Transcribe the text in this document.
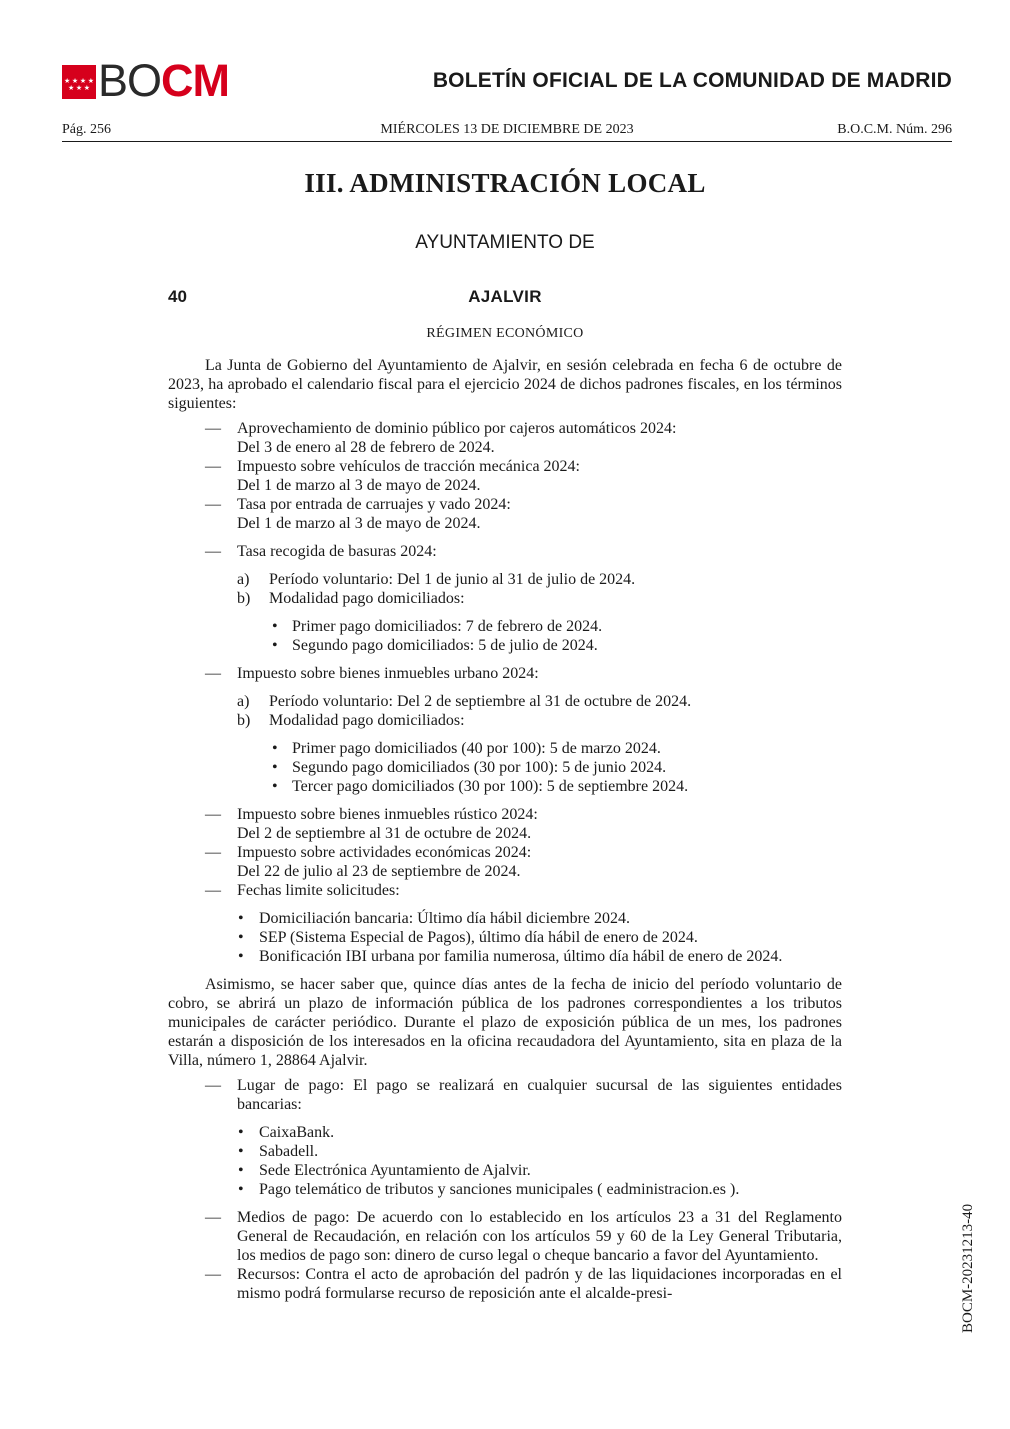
★ ★ ★ ★
★ ★ ★ BOCM	BOLETÍN OFICIAL DE LA COMUNIDAD DE MADRID
Pág. 256	MIÉRCOLES 13 DE DICIEMBRE DE 2023	B.O.C.M. Núm. 296
III. ADMINISTRACIÓN LOCAL
AYUNTAMIENTO DE
40	AJALVIR
RÉGIMEN ECONÓMICO

La Junta de Gobierno del Ayuntamiento de Ajalvir, en sesión celebrada en fecha 6 de octubre de 2023, ha aprobado el calendario fiscal para el ejercicio 2024 de dichos padrones fiscales, en los términos siguientes:

—	Aprovechamiento de dominio público por cajeros automáticos 2024:
Del 3 de enero al 28 de febrero de 2024.
—	Impuesto sobre vehículos de tracción mecánica 2024:
Del 1 de marzo al 3 de mayo de 2024.
—	Tasa por entrada de carruajes y vado 2024:
Del 1 de marzo al 3 de mayo de 2024.
—	Tasa recogida de basuras 2024:
a)	Período voluntario: Del 1 de junio al 31 de julio de 2024.
b)	Modalidad pago domiciliados:
• Primer pago domiciliados: 7 de febrero de 2024.
• Segundo pago domiciliados: 5 de julio de 2024.
—	Impuesto sobre bienes inmuebles urbano 2024:
a)	Período voluntario: Del 2 de septiembre al 31 de octubre de 2024.
b)	Modalidad pago domiciliados:
• Primer pago domiciliados (40 por 100): 5 de marzo 2024.
• Segundo pago domiciliados (30 por 100): 5 de junio 2024.
• Tercer pago domiciliados (30 por 100): 5 de septiembre 2024.
—	Impuesto sobre bienes inmuebles rústico 2024:
Del 2 de septiembre al 31 de octubre de 2024.
—	Impuesto sobre actividades económicas 2024:
Del 22 de julio al 23 de septiembre de 2024.
—	Fechas limite solicitudes:
• Domiciliación bancaria: Último día hábil diciembre 2024.
• SEP (Sistema Especial de Pagos), último día hábil de enero de 2024.
• Bonificación IBI urbana por familia numerosa, último día hábil de enero de 2024.

Asimismo, se hacer saber que, quince días antes de la fecha de inicio del período voluntario de cobro, se abrirá un plazo de información pública de los padrones correspondientes a los tributos municipales de carácter periódico. Durante el plazo de exposición pública de un mes, los padrones estarán a disposición de los interesados en la oficina recaudadora del Ayuntamiento, sita en plaza de la Villa, número 1, 28864 Ajalvir.

—	Lugar de pago: El pago se realizará en cualquier sucursal de las siguientes entidades bancarias:
• CaixaBank.
• Sabadell.
• Sede Electrónica Ayuntamiento de Ajalvir.
• Pago telemático de tributos y sanciones municipales ( eadministracion.es ).
—	Medios de pago: De acuerdo con lo establecido en los artículos 23 a 31 del Reglamento General de Recaudación, en relación con los artículos 59 y 60 de la Ley General Tributaria, los medios de pago son: dinero de curso legal o cheque bancario a favor del Ayuntamiento.
—	Recursos: Contra el acto de aprobación del padrón y de las liquidaciones incorporadas en el mismo podrá formularse recurso de reposición ante el alcalde-presi-	BOCM-20231213-40
